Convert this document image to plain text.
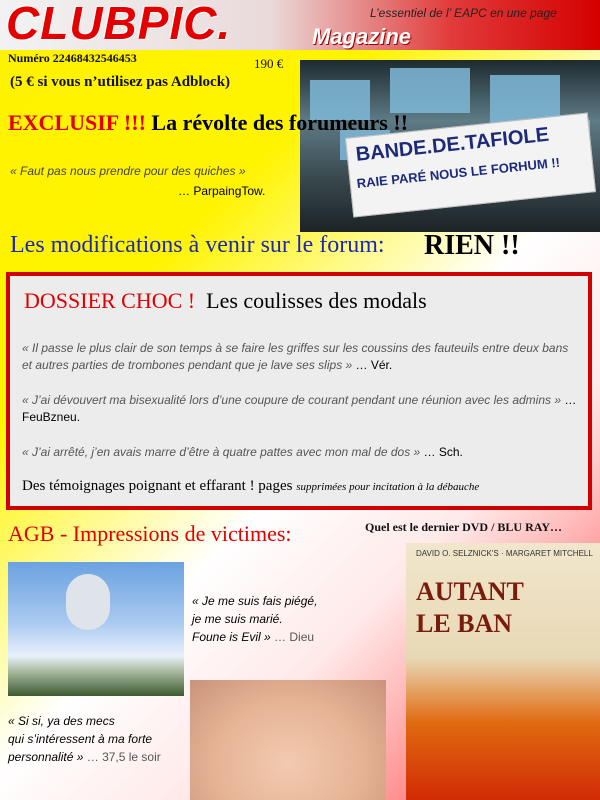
CLUBPIC.	Magazine
L’essentiel de l’ EAPC en une page
Numéro 22468432546453	190 €
(5 € si vous n’utilisez pas Adblock)
BANDE.DE.TAFIOLE
RAIE PARÉ NOUS LE FORHUM !!
EXCLUSIF !!! La révolte des forumeurs !!
« Faut pas nous prendre pour des quiches »
… ParpaingTow.
Les modifications à venir sur le forum: RIEN !!
DOSSIER CHOC ! Les coulisses des modals
« Il passe le plus clair de son temps à se faire les griffes sur les coussins des fauteuils entre deux bans et autres parties de trombones pendant que je lave ses slips » … Vér.
« J’ai dévouvert ma bisexualité lors d’une coupure de courant pendant une réunion avec les admins » …FeuBzneu.
« J’ai arrêté, j’en avais marre d’être à quatre pattes avec mon mal de dos » … Sch.
Des témoignages poignant et effarant ! pages supprimées pour incitation à la débauche
AGB - Impressions de victimes:	Quel est le dernier DVD / BLU RAY…
« Je me suis fais piégé,
je me suis marié.
Foune is Evil » … Dieu
DAVID O. SELZNICK'S · MARGARET MITCHELL
AUTANT
LE BAN
« Si si, ya des mecs
qui s’intéressent à ma forte
personnalité » … 37,5 le soir
